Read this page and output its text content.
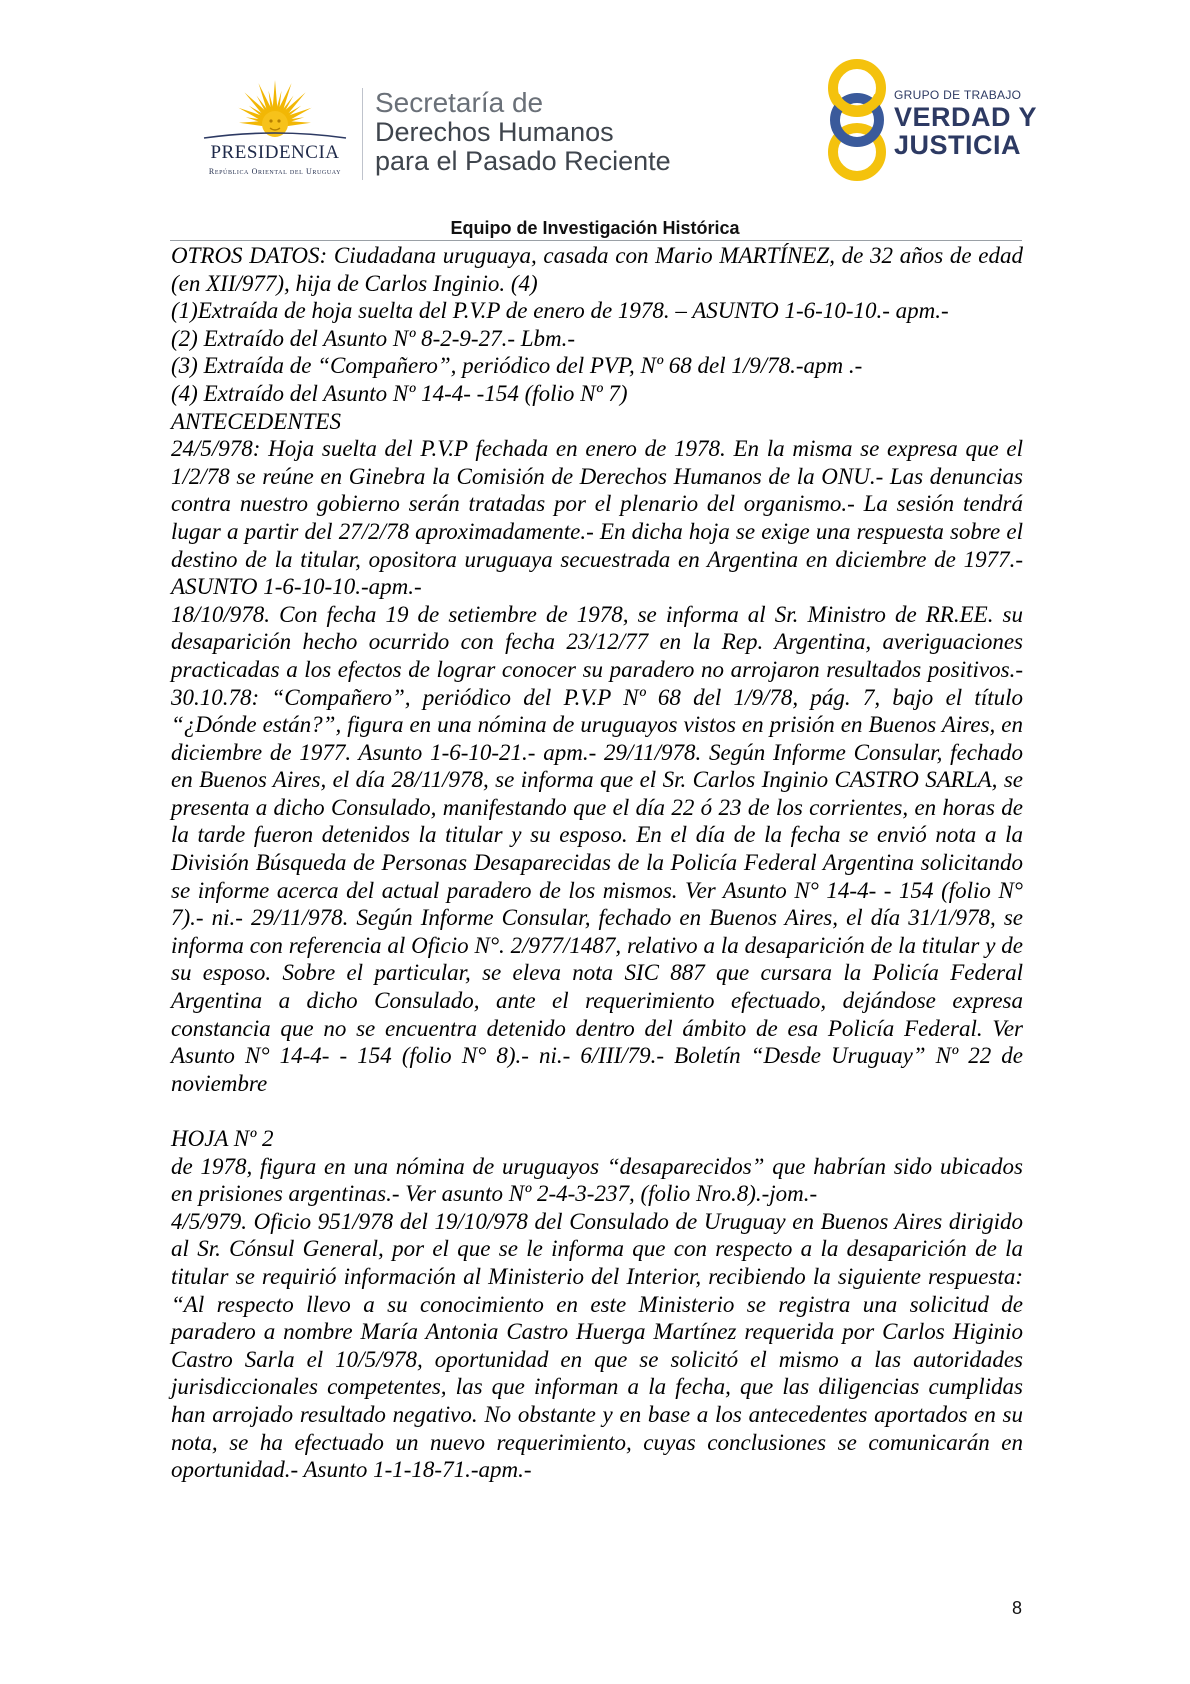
PRESIDENCIA
República Oriental del Uruguay
Secretaría de
Derechos Humanos
para el Pasado Reciente
GRUPO DE TRABAJO
VERDAD Y
JUSTICIA
Equipo de Investigación Histórica

OTROS DATOS: Ciudadana uruguaya, casada con Mario MARTÍNEZ, de 32 años de edad (en XII/977), hija de Carlos Inginio. (4)

(1)Extraída de hoja suelta del P.V.P de enero de 1978. – ASUNTO 1-6-10-10.- apm.-

(2) Extraído del Asunto Nº 8-2-9-27.- Lbm.-

(3) Extraída de “Compañero”, periódico del PVP, Nº 68 del 1/9/78.-apm .-

(4) Extraído del Asunto Nº 14-4- -154 (folio Nº 7)

ANTECEDENTES

24/5/978: Hoja suelta del P.V.P fechada en enero de 1978. En la misma se expresa que el 1/2/78 se reúne en Ginebra la Comisión de Derechos Humanos de la ONU.- Las denuncias contra nuestro gobierno serán tratadas por el plenario del organismo.- La sesión tendrá lugar a partir del 27/2/78 aproximadamente.- En dicha hoja se exige una respuesta sobre el destino de la titular, opositora uruguaya secuestrada en Argentina en diciembre de 1977.- ASUNTO 1-6-10-10.-apm.-

18/10/978. Con fecha 19 de setiembre de 1978, se informa al Sr. Ministro de RR.EE. su desaparición hecho ocurrido con fecha 23/12/77 en la Rep. Argentina, averiguaciones practicadas a los efectos de lograr conocer su paradero no arrojaron resultados positivos.- 30.10.78: “Compañero”, periódico del P.V.P Nº 68 del 1/9/78, pág. 7, bajo el título “¿Dónde están?”, figura en una nómina de uruguayos vistos en prisión en Buenos Aires, en diciembre de 1977. Asunto 1-6-10-21.- apm.- 29/11/978. Según Informe Consular, fechado en Buenos Aires, el día 28/11/978, se informa que el Sr. Carlos Inginio CASTRO SARLA, se presenta a dicho Consulado, manifestando que el día 22 ó 23 de los corrientes, en horas de la tarde fueron detenidos la titular y su esposo. En el día de la fecha se envió nota a la División Búsqueda de Personas Desaparecidas de la Policía Federal Argentina solicitando se informe acerca del actual paradero de los mismos. Ver Asunto N° 14-4- - 154 (folio N° 7).- ni.- 29/11/978. Según Informe Consular, fechado en Buenos Aires, el día 31/1/978, se informa con referencia al Oficio N°. 2/977/1487, relativo a la desaparición de la titular y de su esposo. Sobre el particular, se eleva nota SIC 887 que cursara la Policía Federal Argentina a dicho Consulado, ante el requerimiento efectuado, dejándose expresa constancia que no se encuentra detenido dentro del ámbito de esa Policía Federal. Ver Asunto N° 14-4- - 154 (folio N° 8).- ni.- 6/III/79.- Boletín “Desde Uruguay” Nº 22 de noviembre

HOJA Nº 2

de 1978, figura en una nómina de uruguayos “desaparecidos” que habrían sido ubicados en prisiones argentinas.- Ver asunto Nº 2-4-3-237, (folio Nro.8).-jom.-

4/5/979. Oficio 951/978 del 19/10/978 del Consulado de Uruguay en Buenos Aires dirigido al Sr. Cónsul General, por el que se le informa que con respecto a la desaparición de la titular se requirió información al Ministerio del Interior, recibiendo la siguiente respuesta: “Al respecto llevo a su conocimiento en este Ministerio se registra una solicitud de paradero a nombre María Antonia Castro Huerga Martínez requerida por Carlos Higinio Castro Sarla el 10/5/978, oportunidad en que se solicitó el mismo a las autoridades jurisdiccionales competentes, las que informan a la fecha, que las diligencias cumplidas han arrojado resultado negativo. No obstante y en base a los antecedentes aportados en su nota, se ha efectuado un nuevo requerimiento, cuyas conclusiones se comunicarán en oportunidad.- Asunto 1-1-18-71.-apm.-

8
